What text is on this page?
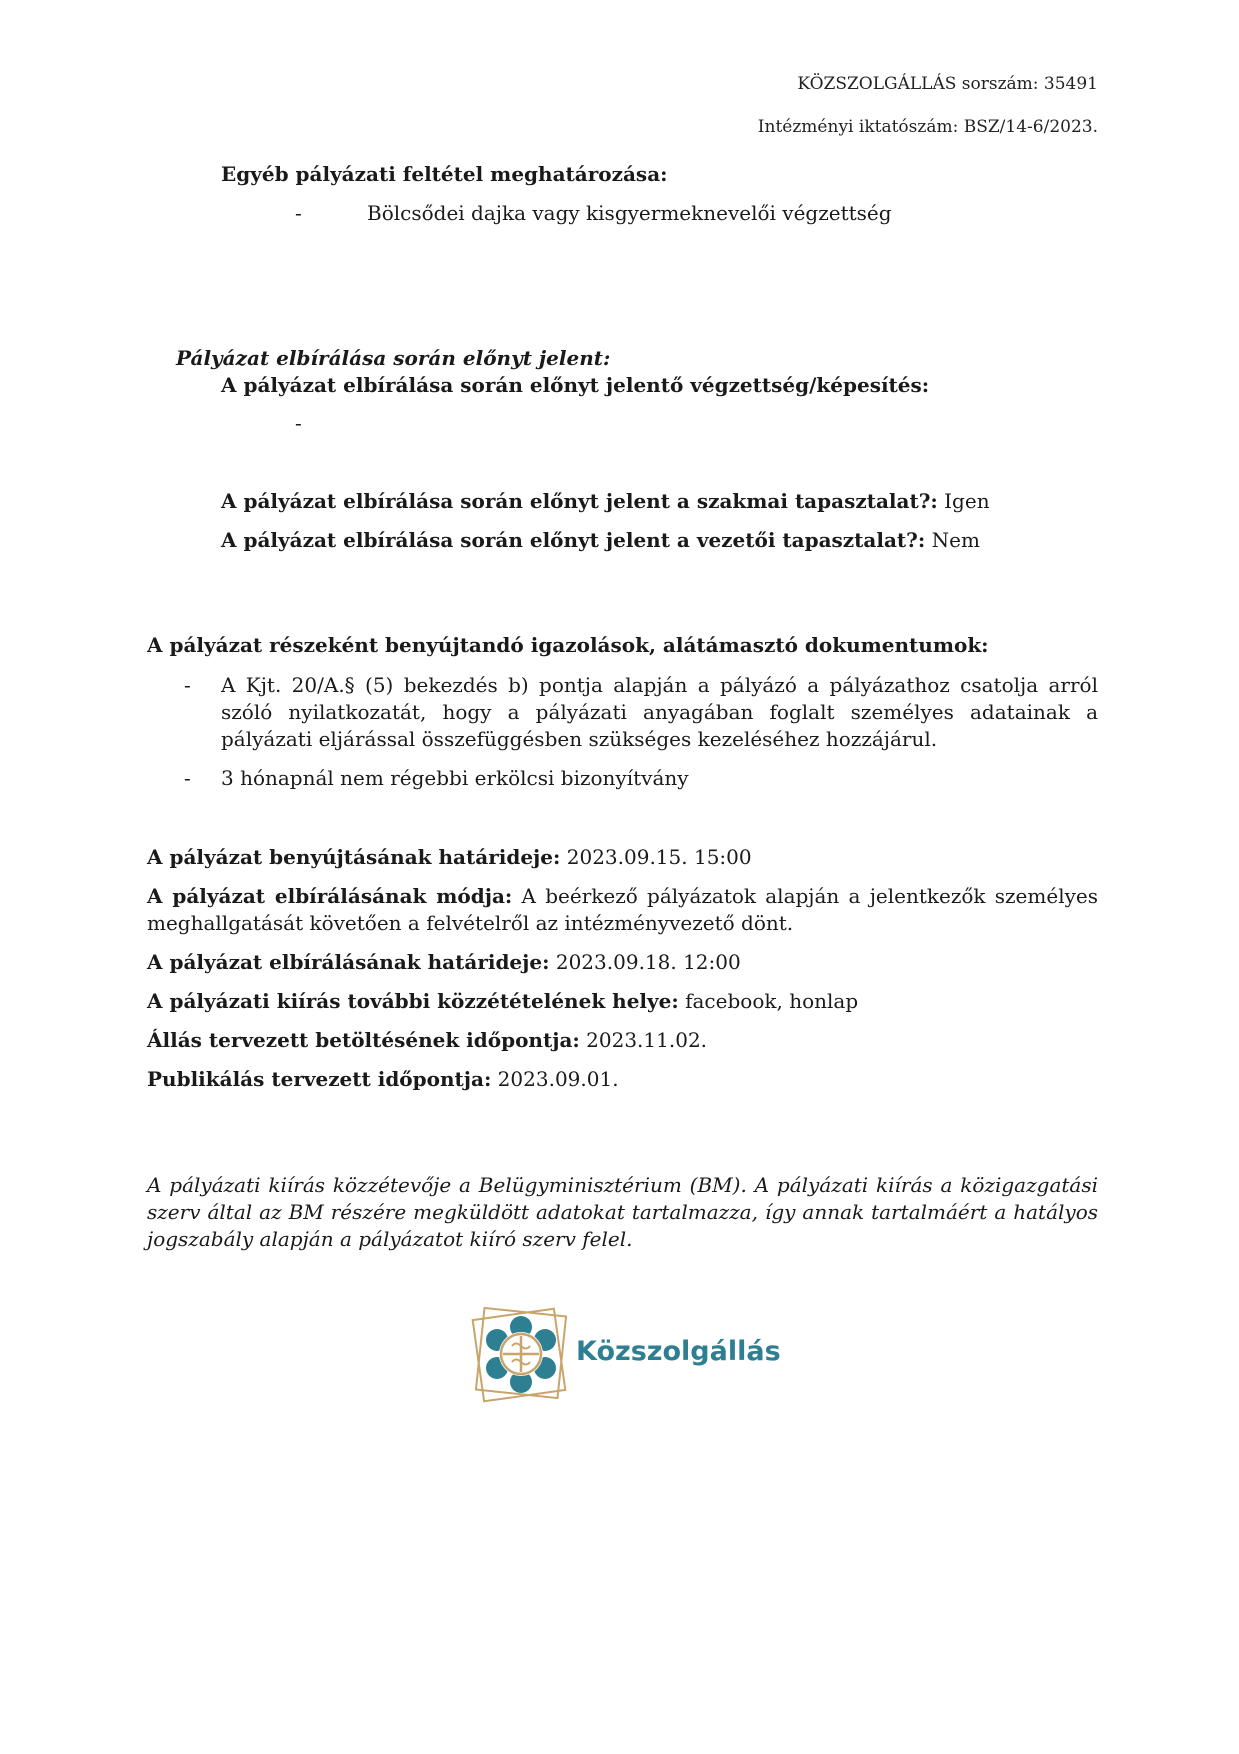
KÖZSZOLGÁLLÁS sorszám: 35491
Intézményi iktatószám: BSZ/14-6/2023.
Egyéb pályázati feltétel meghatározása:
-	Bölcsődei dajka vagy kisgyermeknevelői végzettség
Pályázat elbírálása során előnyt jelent:
A pályázat elbírálása során előnyt jelentő végzettség/képesítés:
-
A pályázat elbírálása során előnyt jelent a szakmai tapasztalat?: Igen
A pályázat elbírálása során előnyt jelent a vezetői tapasztalat?: Nem
A pályázat részeként benyújtandó igazolások, alátámasztó dokumentumok:
- A Kjt. 20/A.§ (5) bekezdés b) pontja alapján a pályázó a pályázathoz csatolja arról szóló nyilatkozatát, hogy a pályázati anyagában foglalt személyes adatainak a pályázati eljárással összefüggésben szükséges kezeléséhez hozzájárul.
- 3 hónapnál nem régebbi erkölcsi bizonyítvány
A pályázat benyújtásának határideje: 2023.09.15. 15:00
A pályázat elbírálásának módja: A beérkező pályázatok alapján a jelentkezők személyes meghallgatását követően a felvételről az intézményvezető dönt.
A pályázat elbírálásának határideje: 2023.09.18. 12:00
A pályázati kiírás további közzétételének helye: facebook, honlap
Állás tervezett betöltésének időpontja: 2023.11.02.
Publikálás tervezett időpontja: 2023.09.01.
A pályázati kiírás közzétevője a Belügyminisztérium (BM). A pályázati kiírás a közigazgatási szerv által az BM részére megküldött adatokat tartalmazza, így annak tartalmáért a hatályos jogszabály alapján a pályázatot kiíró szerv felel.
Közszolgállás
